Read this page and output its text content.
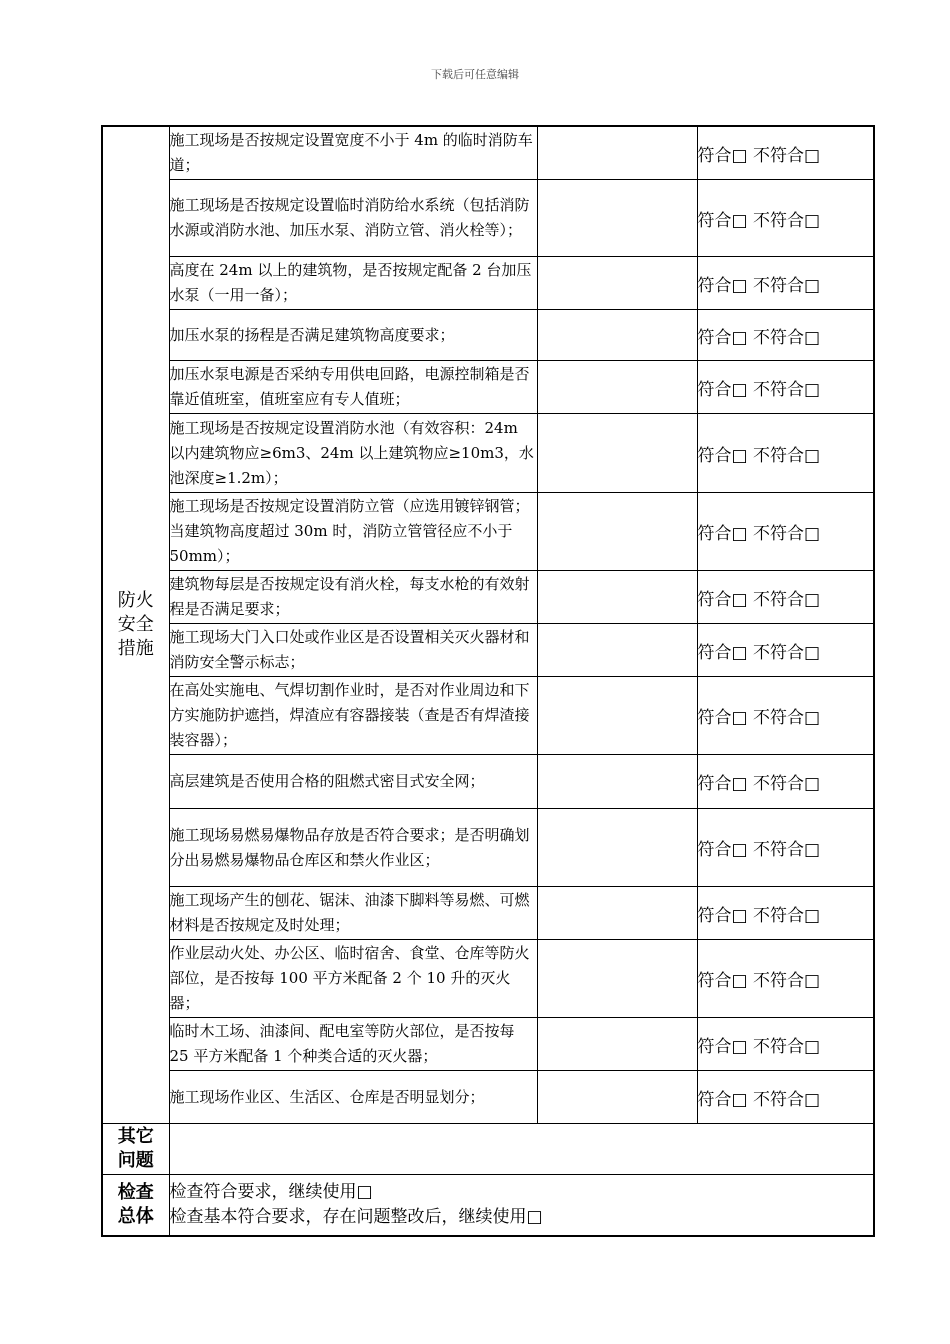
下载后可任意编辑
防火安全措施	施工现场是否按规定设置宽度不小于 4m 的临时消防车道；		符合□ 不符合□
	施工现场是否按规定设置临时消防给水系统（包括消防水源或消防水池、加压水泵、消防立管、消火栓等）；		符合□ 不符合□
	高度在 24m 以上的建筑物，是否按规定配备 2 台加压水泵（一用一备）；		符合□ 不符合□
	加压水泵的扬程是否满足建筑物高度要求；		符合□ 不符合□
	加压水泵电源是否采纳专用供电回路，电源控制箱是否靠近值班室，值班室应有专人值班；		符合□ 不符合□
	施工现场是否按规定设置消防水池（有效容积：24m 以内建筑物应≥6m3、24m 以上建筑物应≥10m3，水池深度≥1.2m）；		符合□ 不符合□
	施工现场是否按规定设置消防立管（应选用镀锌钢管；当建筑物高度超过 30m 时，消防立管管径应不小于 50mm）；		符合□ 不符合□
	建筑物每层是否按规定设有消火栓，每支水枪的有效射程是否满足要求；		符合□ 不符合□
	施工现场大门入口处或作业区是否设置相关灭火器材和消防安全警示标志；		符合□ 不符合□
	在高处实施电、气焊切割作业时，是否对作业周边和下方实施防护遮挡，焊渣应有容器接装（查是否有焊渣接装容器）；		符合□ 不符合□
	高层建筑是否使用合格的阻燃式密目式安全网；		符合□ 不符合□
	施工现场易燃易爆物品存放是否符合要求；是否明确划分出易燃易爆物品仓库区和禁火作业区；		符合□ 不符合□
	施工现场产生的刨花、锯沫、油漆下脚料等易燃、可燃材料是否按规定及时处理；		符合□ 不符合□
	作业层动火处、办公区、临时宿舍、食堂、仓库等防火部位，是否按每 100 平方米配备 2 个 10 升的灭火器；		符合□ 不符合□
	临时木工场、油漆间、配电室等防火部位，是否按每 25 平方米配备 1 个种类合适的灭火器；		符合□ 不符合□
	施工现场作业区、生活区、仓库是否明显划分；		符合□ 不符合□
其它问题			
检查总体	检查符合要求，继续使用□
检查基本符合要求，存在问题整改后，继续使用□		
